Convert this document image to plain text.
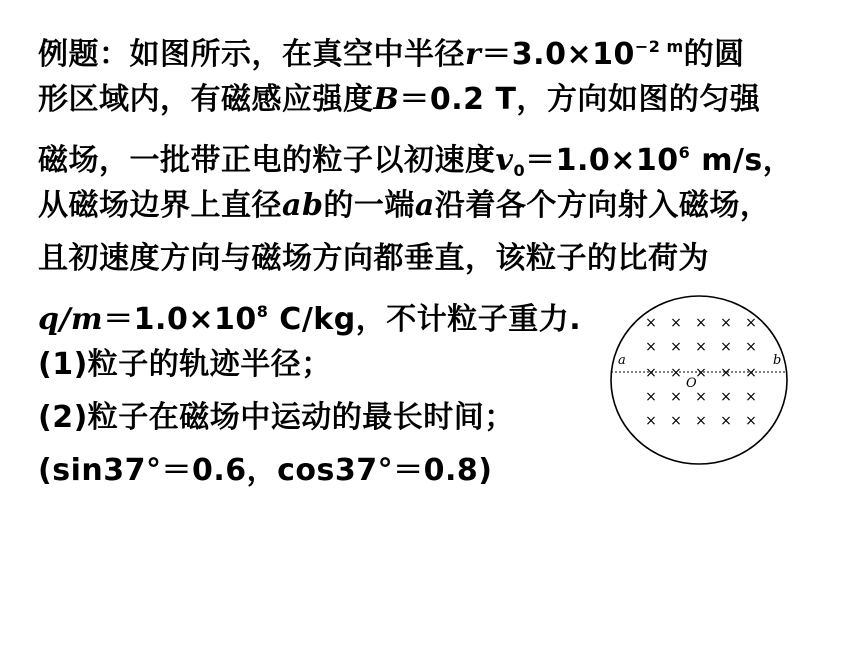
例题：如图所示，在真空中半径$r=3.0\times 10^{-2}$ $^m$的圆
形区域内，有磁感应强度B＝0.2 T，方向如图的匀强
磁场，一批带正电的粒子以初速度$v_0=1.0\times 10^6$ m/s，
从磁场边界上直径ab的一端a沿着各个方向射入磁场，
且初速度方向与磁场方向都垂直，该粒子的比荷为
$q/m=1.0\times 10^8$ C/kg，不计粒子重力.
(1)粒子的轨迹半径；
(2)粒子在磁场中运动的最长时间；
(sin37°＝0.6，cos37°＝0.8)
× × × × ×
× × × × ×
× × × × ×
× × × × ×
× × × × ×
a	b
O
